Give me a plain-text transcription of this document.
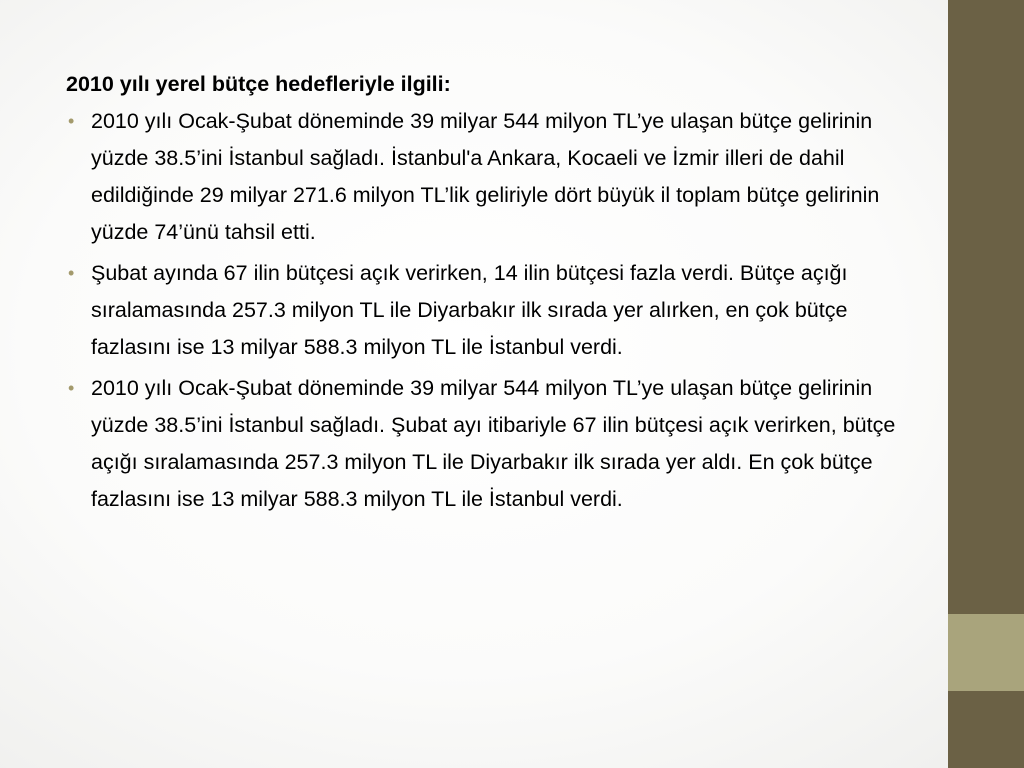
2010 yılı yerel bütçe hedefleriyle ilgili:
• 2010 yılı Ocak-Şubat döneminde 39 milyar 544 milyon TL’ye ulaşan bütçe gelirinin yüzde 38.5’ini İstanbul sağladı. İstanbul'a Ankara, Kocaeli ve İzmir illeri de dahil edildiğinde 29 milyar 271.6 milyon TL’lik geliriyle dört büyük il toplam bütçe gelirinin yüzde 74’ünü tahsil etti.
• Şubat ayında 67 ilin bütçesi açık verirken, 14 ilin bütçesi fazla verdi. Bütçe açığı sıralamasında 257.3 milyon TL ile Diyarbakır ilk sırada yer alırken, en çok bütçe fazlasını ise 13 milyar 588.3 milyon TL ile İstanbul verdi.
• 2010 yılı Ocak-Şubat döneminde 39 milyar 544 milyon TL’ye ulaşan bütçe gelirinin yüzde 38.5’ini İstanbul sağladı. Şubat ayı itibariyle 67 ilin bütçesi açık verirken, bütçe açığı sıralamasında 257.3 milyon TL ile Diyarbakır ilk sırada yer aldı. En çok bütçe fazlasını ise 13 milyar 588.3 milyon TL ile İstanbul verdi.
